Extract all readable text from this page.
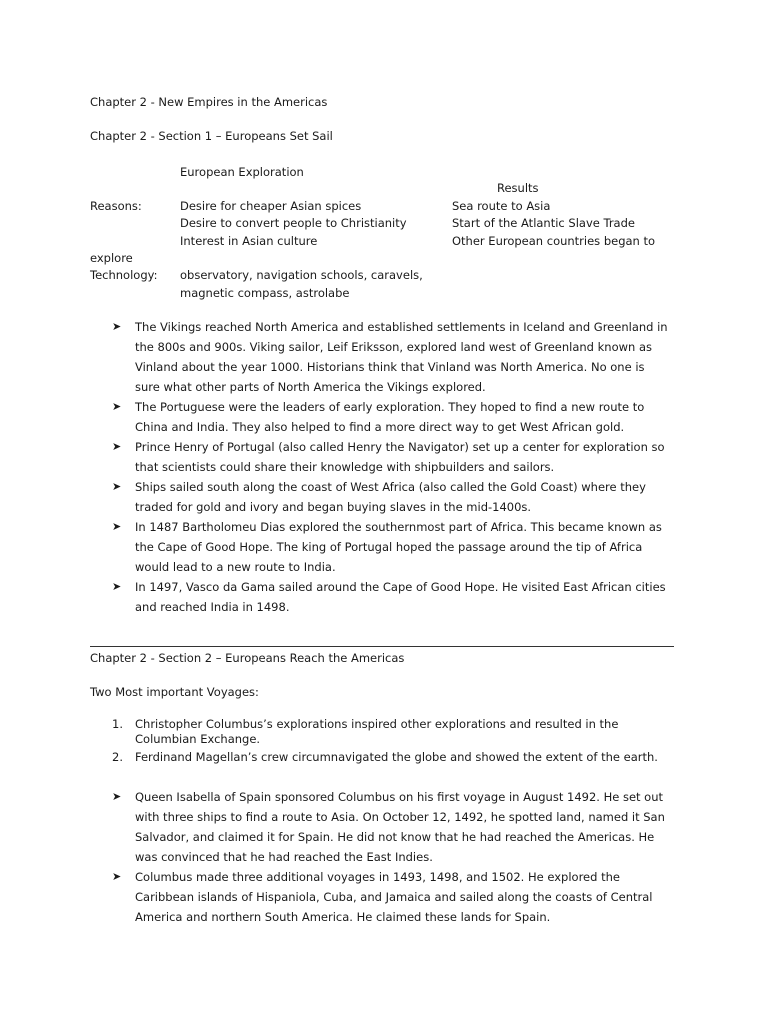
Chapter 2 - New Empires in the Americas
Chapter 2 - Section 1 – Europeans Set Sail
European Exploration
Results
Reasons:	Desire for cheaper Asian spices
Desire to convert people to Christianity
Interest in Asian culture
Sea route to Asia
Start of the Atlantic Slave Trade
Other European countries began to
explore
Technology: observatory, navigation schools, caravels,
magnetic compass, astrolabe
➤ The Vikings reached North America and established settlements in Iceland and Greenland in the 800s and 900s. Viking sailor, Leif Eriksson, explored land west of Greenland known as Vinland about the year 1000. Historians think that Vinland was North America. No one is sure what other parts of North America the Vikings explored.
➤ The Portuguese were the leaders of early exploration. They hoped to find a new route to China and India. They also helped to find a more direct way to get West African gold.
➤ Prince Henry of Portugal (also called Henry the Navigator) set up a center for exploration so that scientists could share their knowledge with shipbuilders and sailors.
➤ Ships sailed south along the coast of West Africa (also called the Gold Coast) where they traded for gold and ivory and began buying slaves in the mid-1400s.
➤ In 1487 Bartholomeu Dias explored the southernmost part of Africa. This became known as the Cape of Good Hope. The king of Portugal hoped the passage around the tip of Africa would lead to a new route to India.
➤ In 1497, Vasco da Gama sailed around the Cape of Good Hope. He visited East African cities and reached India in 1498.
Chapter 2 - Section 2 – Europeans Reach the Americas
Two Most important Voyages:
1. Christopher Columbus’s explorations inspired other explorations and resulted in the Columbian Exchange.
2. Ferdinand Magellan’s crew circumnavigated the globe and showed the extent of the earth.
➤ Queen Isabella of Spain sponsored Columbus on his first voyage in August 1492. He set out with three ships to find a route to Asia. On October 12, 1492, he spotted land, named it San Salvador, and claimed it for Spain. He did not know that he had reached the Americas. He was convinced that he had reached the East Indies.
➤ Columbus made three additional voyages in 1493, 1498, and 1502. He explored the Caribbean islands of Hispaniola, Cuba, and Jamaica and sailed along the coasts of Central America and northern South America. He claimed these lands for Spain.
